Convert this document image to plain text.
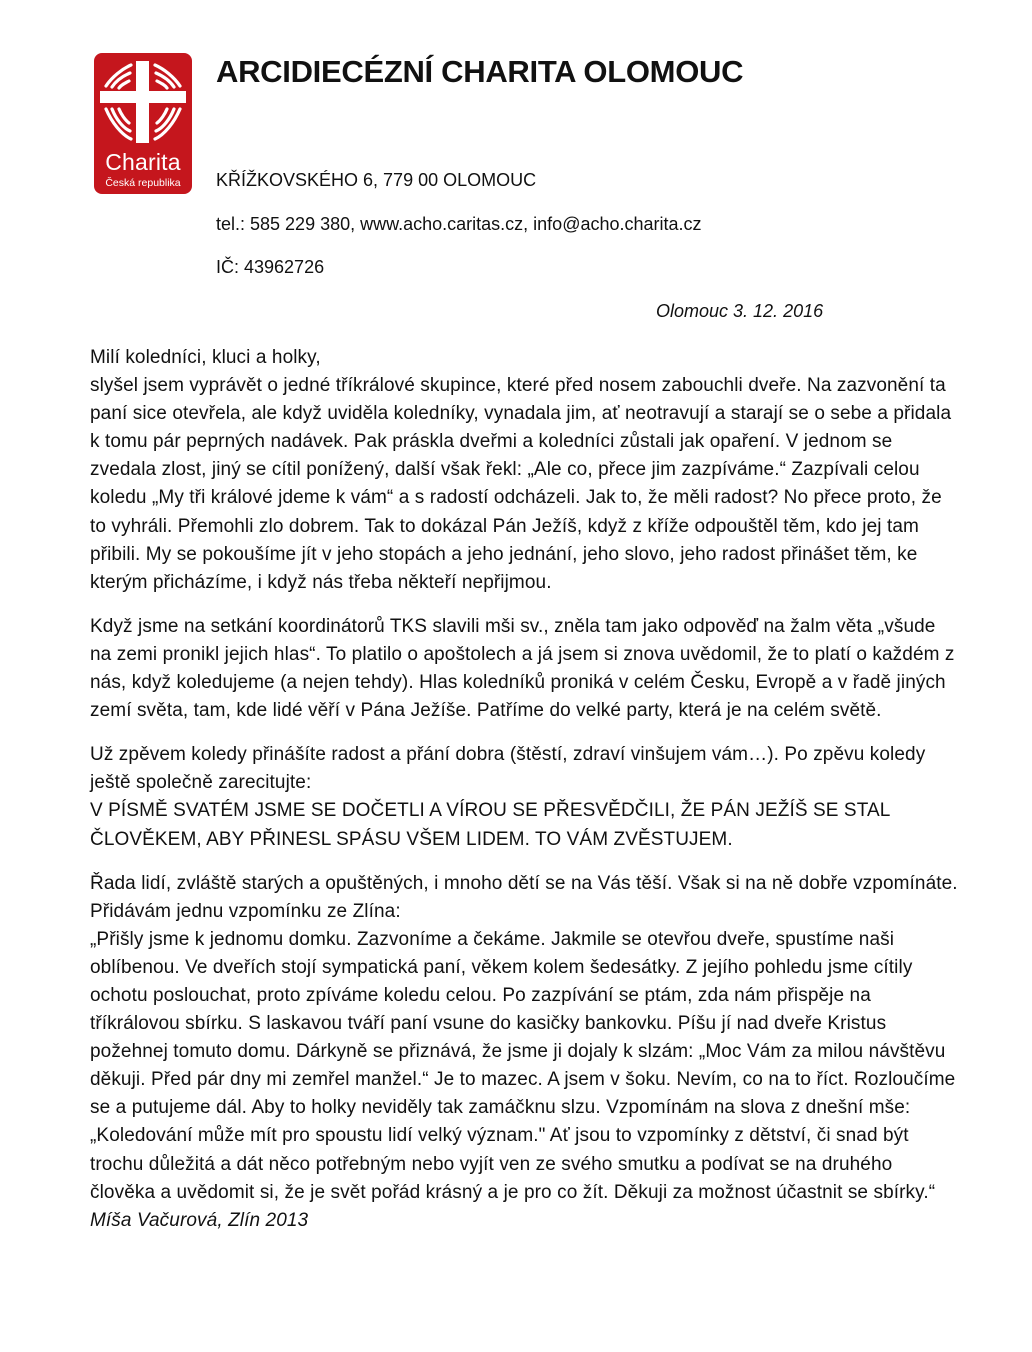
Charita
Česká republika
ARCIDIECÉZNÍ CHARITA OLOMOUC
KŘÍŽKOVSKÉHO 6, 779 00 OLOMOUC
tel.: 585 229 380, www.acho.caritas.cz, info@acho.charita.cz
IČ: 43962726
Olomouc 3. 12. 2016

Milí koledníci, kluci a holky,

slyšel jsem vyprávět o jedné tříkrálové skupince, které před nosem zabouchli dveře. Na zazvonění ta paní sice otevřela, ale když uviděla koledníky, vynadala jim, ať neotravují a starají se o sebe a přidala k tomu pár peprných nadávek. Pak práskla dveřmi a koledníci zůstali jak opaření. V jednom se zvedala zlost, jiný se cítil ponížený, další však řekl: „Ale co, přece jim zazpíváme.“ Zazpívali celou koledu „My tři králové jdeme k vám“ a s radostí odcházeli. Jak to, že měli radost? No přece proto, že to vyhráli. Přemohli zlo dobrem. Tak to dokázal Pán Ježíš, když z kříže odpouštěl těm, kdo jej tam přibili. My se pokoušíme jít v jeho stopách a jeho jednání, jeho slovo, jeho radost přinášet těm, ke kterým přicházíme, i když nás třeba někteří nepřijmou.

Když jsme na setkání koordinátorů TKS slavili mši sv., zněla tam jako odpověď na žalm věta „všude na zemi pronikl jejich hlas“. To platilo o apoštolech a já jsem si znova uvědomil, že to platí o každém z nás, když koledujeme (a nejen tehdy). Hlas koledníků proniká v celém Česku, Evropě a v řadě jiných zemí světa, tam, kde lidé věří v Pána Ježíše. Patříme do velké party, která je na celém světě.

Už zpěvem koledy přinášíte radost a přání dobra (štěstí, zdraví vinšujem vám…). Po zpěvu koledy ještě společně zarecitujte:

V PÍSMĚ SVATÉM JSME SE DOČETLI A VÍROU SE PŘESVĚDČILI, ŽE PÁN JEŽÍŠ SE STAL ČLOVĚKEM, ABY PŘINESL SPÁSU VŠEM LIDEM. TO VÁM ZVĚSTUJEM.

Řada lidí, zvláště starých a opuštěných, i mnoho dětí se na Vás těší. Však si na ně dobře vzpomínáte. Přidávám jednu vzpomínku ze Zlína:

„Přišly jsme k jednomu domku. Zazvoníme a čekáme. Jakmile se otevřou dveře, spustíme naši oblíbenou. Ve dveřích stojí sympatická paní, věkem kolem šedesátky. Z jejího pohledu jsme cítily ochotu poslouchat, proto zpíváme koledu celou. Po zazpívání se ptám, zda nám přispěje na tříkrálovou sbírku. S laskavou tváří paní vsune do kasičky bankovku. Píšu jí nad dveře Kristus požehnej tomuto domu. Dárkyně se přiznává, že jsme ji dojaly k slzám: „Moc Vám za milou návštěvu děkuji. Před pár dny mi zemřel manžel.“ Je to mazec. A jsem v šoku. Nevím, co na to říct. Rozloučíme se a putujeme dál. Aby to holky neviděly tak zamáčknu slzu. Vzpomínám na slova z dnešní mše: „Koledování může mít pro spoustu lidí velký význam." Ať jsou to vzpomínky z dětství, či snad být trochu důležitá a dát něco potřebným nebo vyjít ven ze svého smutku a podívat se na druhého člověka a uvědomit si, že je svět pořád krásný a je pro co žít. Děkuji za možnost účastnit se sbírky.“

Míša Vačurová, Zlín 2013
